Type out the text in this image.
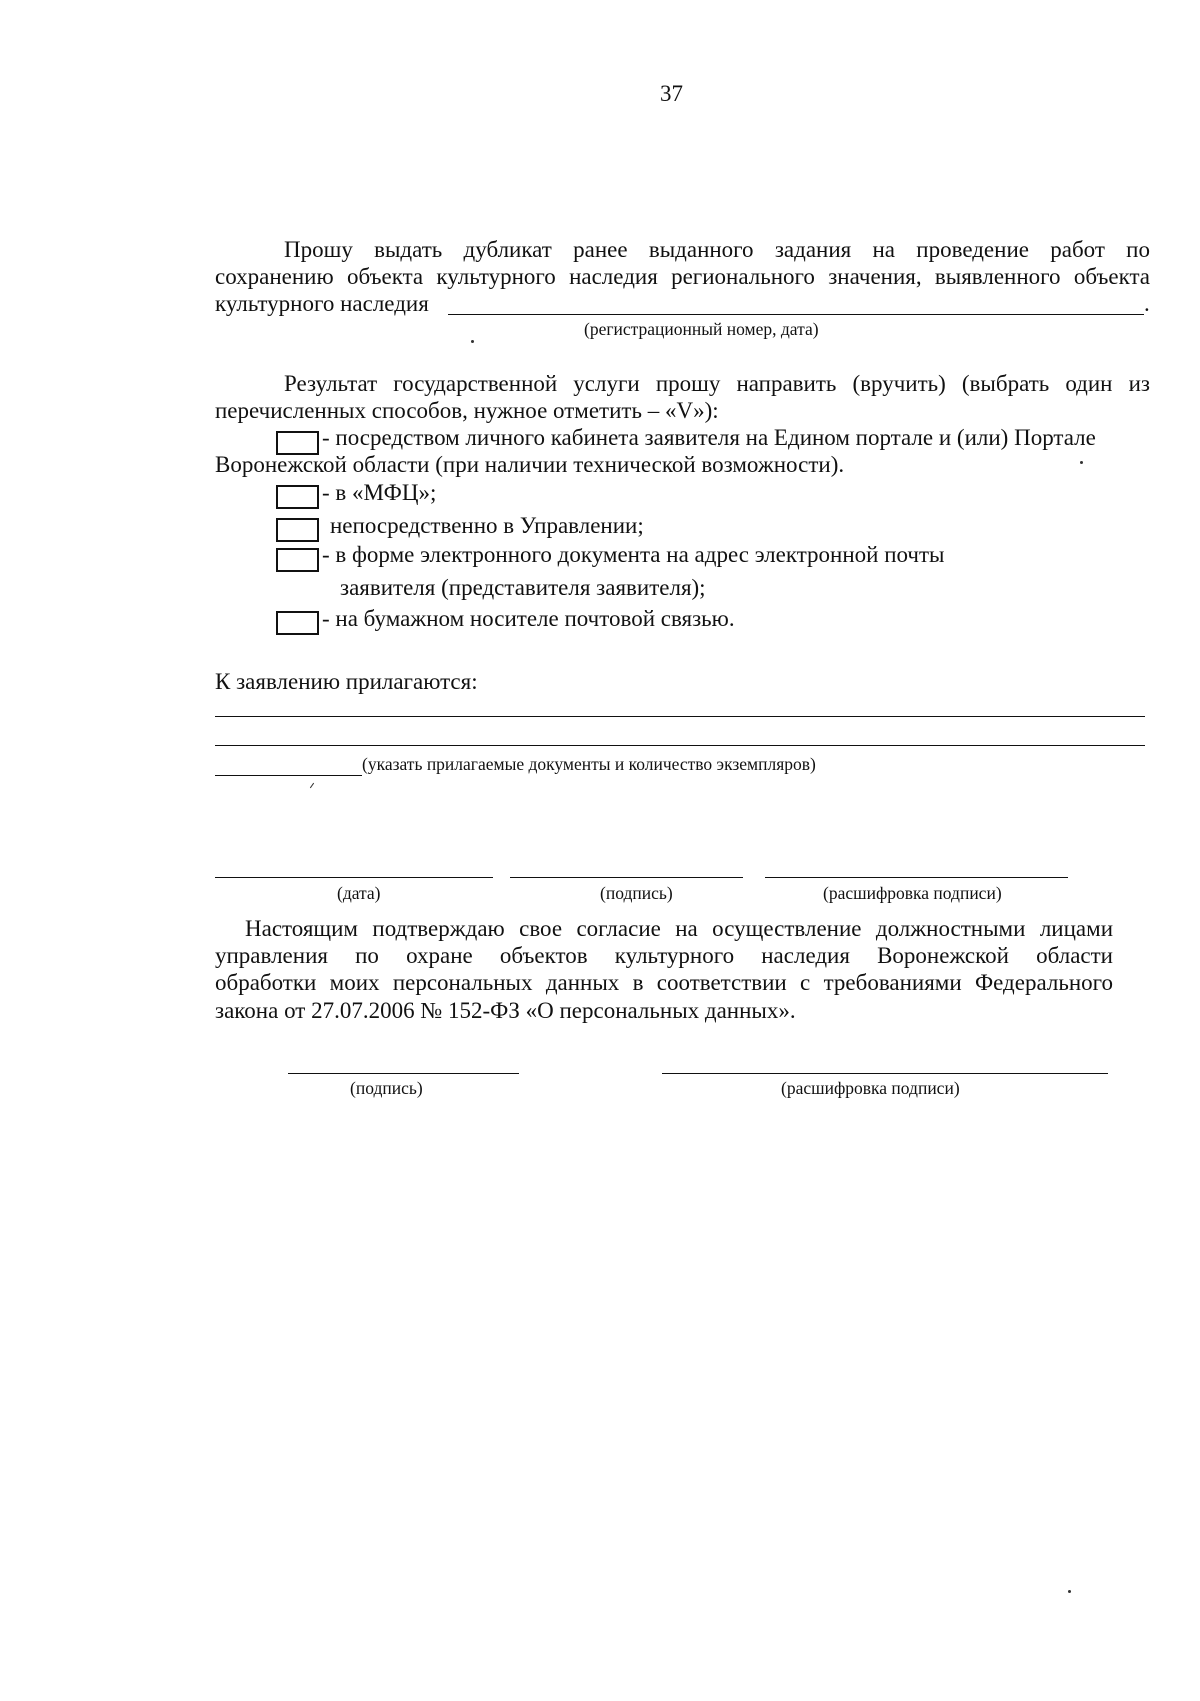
37
Прошу выдать дубликат ранее выданного задания на проведение работ по
сохранению объекта культурного наследия регионального значения, выявленного объекта
культурного наследия	.
(регистрационный номер, дата)
Результат государственной услуги прошу направить (вручить) (выбрать один из
перечисленных способов, нужное отметить – «V»):
- посредством личного кабинета заявителя на Едином портале и (или) Портале
Воронежской области (при наличии технической возможности).
- в «МФЦ»;
непосредственно в Управлении;
- в форме электронного документа на адрес электронной почты
заявителя (представителя заявителя);
- на бумажном носителе почтовой связью.
К заявлению прилагаются:
(указать прилагаемые документы и количество экземпляров)
(дата)	(подпись)	(расшифровка подписи)
Настоящим подтверждаю свое согласие на осуществление должностными лицами
управления по охране объектов культурного наследия Воронежской области
обработки моих персональных данных в соответствии с требованиями Федерального
закона от 27.07.2006 № 152-ФЗ «О персональных данных».
(подпись)	(расшифровка подписи)
